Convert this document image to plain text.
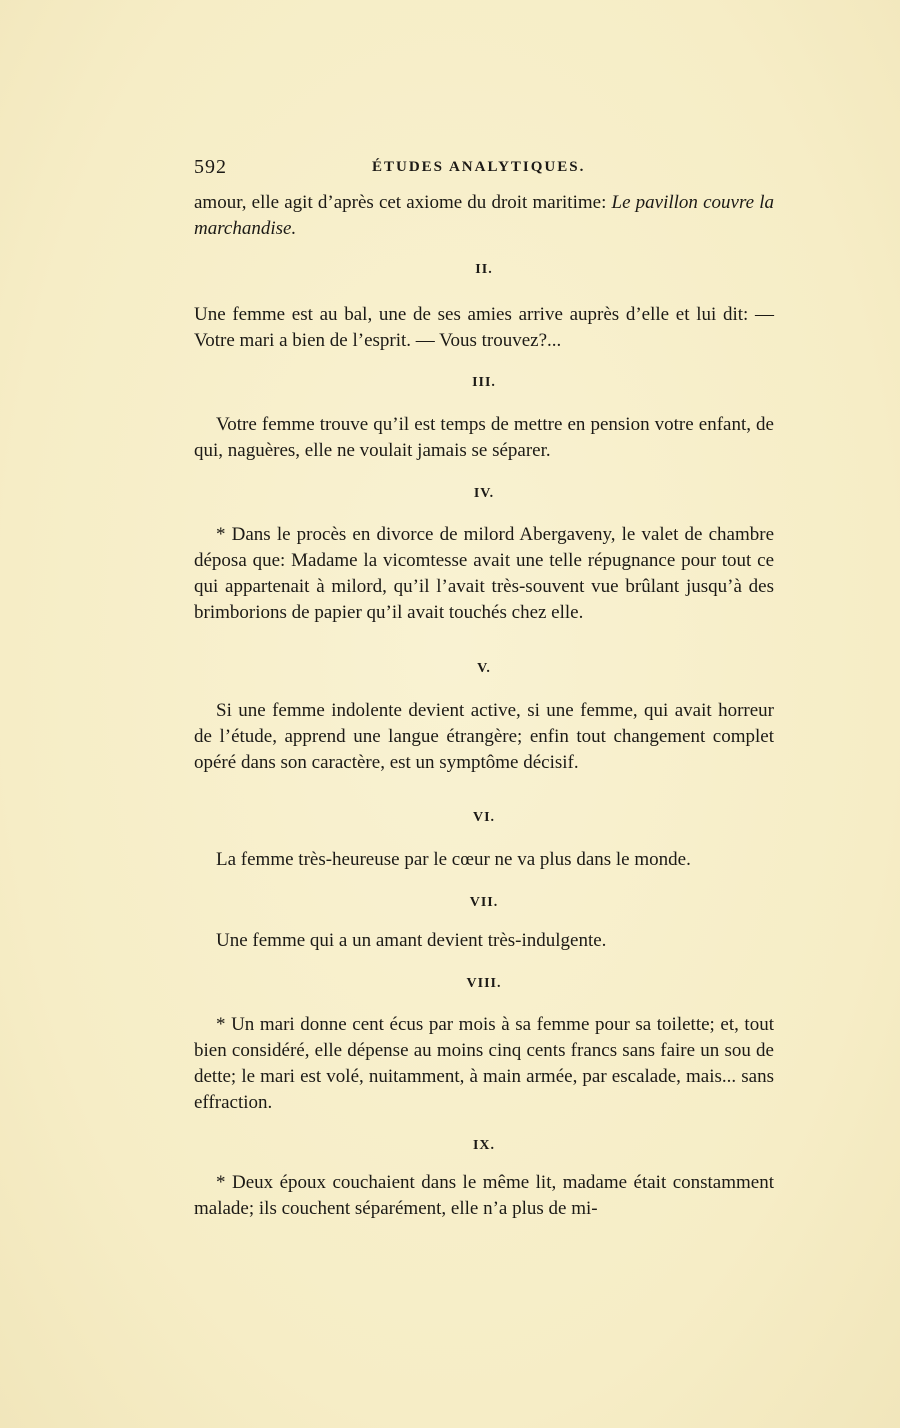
592	ÉTUDES ANALYTIQUES.
amour, elle agit d’après cet axiome du droit maritime: Le pavillon couvre la marchandise.
II.
Une femme est au bal, une de ses amies arrive auprès d’elle et lui dit: — Votre mari a bien de l’esprit. — Vous trouvez?...
III.
Votre femme trouve qu’il est temps de mettre en pension votre enfant, de qui, naguères, elle ne voulait jamais se séparer.
IV.
* Dans le procès en divorce de milord Abergaveny, le valet de chambre déposa que: Madame la vicomtesse avait une telle répugnance pour tout ce qui appartenait à milord, qu’il l’avait très-souvent vue brûlant jusqu’à des brimborions de papier qu’il avait touchés chez elle.
V.
Si une femme indolente devient active, si une femme, qui avait horreur de l’étude, apprend une langue étrangère; enfin tout changement complet opéré dans son caractère, est un symptôme décisif.
VI.
La femme très-heureuse par le cœur ne va plus dans le monde.
VII.
Une femme qui a un amant devient très-indulgente.
VIII.
* Un mari donne cent écus par mois à sa femme pour sa toilette; et, tout bien considéré, elle dépense au moins cinq cents francs sans faire un sou de dette; le mari est volé, nuitamment, à main armée, par escalade, mais... sans effraction.
IX.
* Deux époux couchaient dans le même lit, madame était constamment malade; ils couchent séparément, elle n’a plus de mi-
